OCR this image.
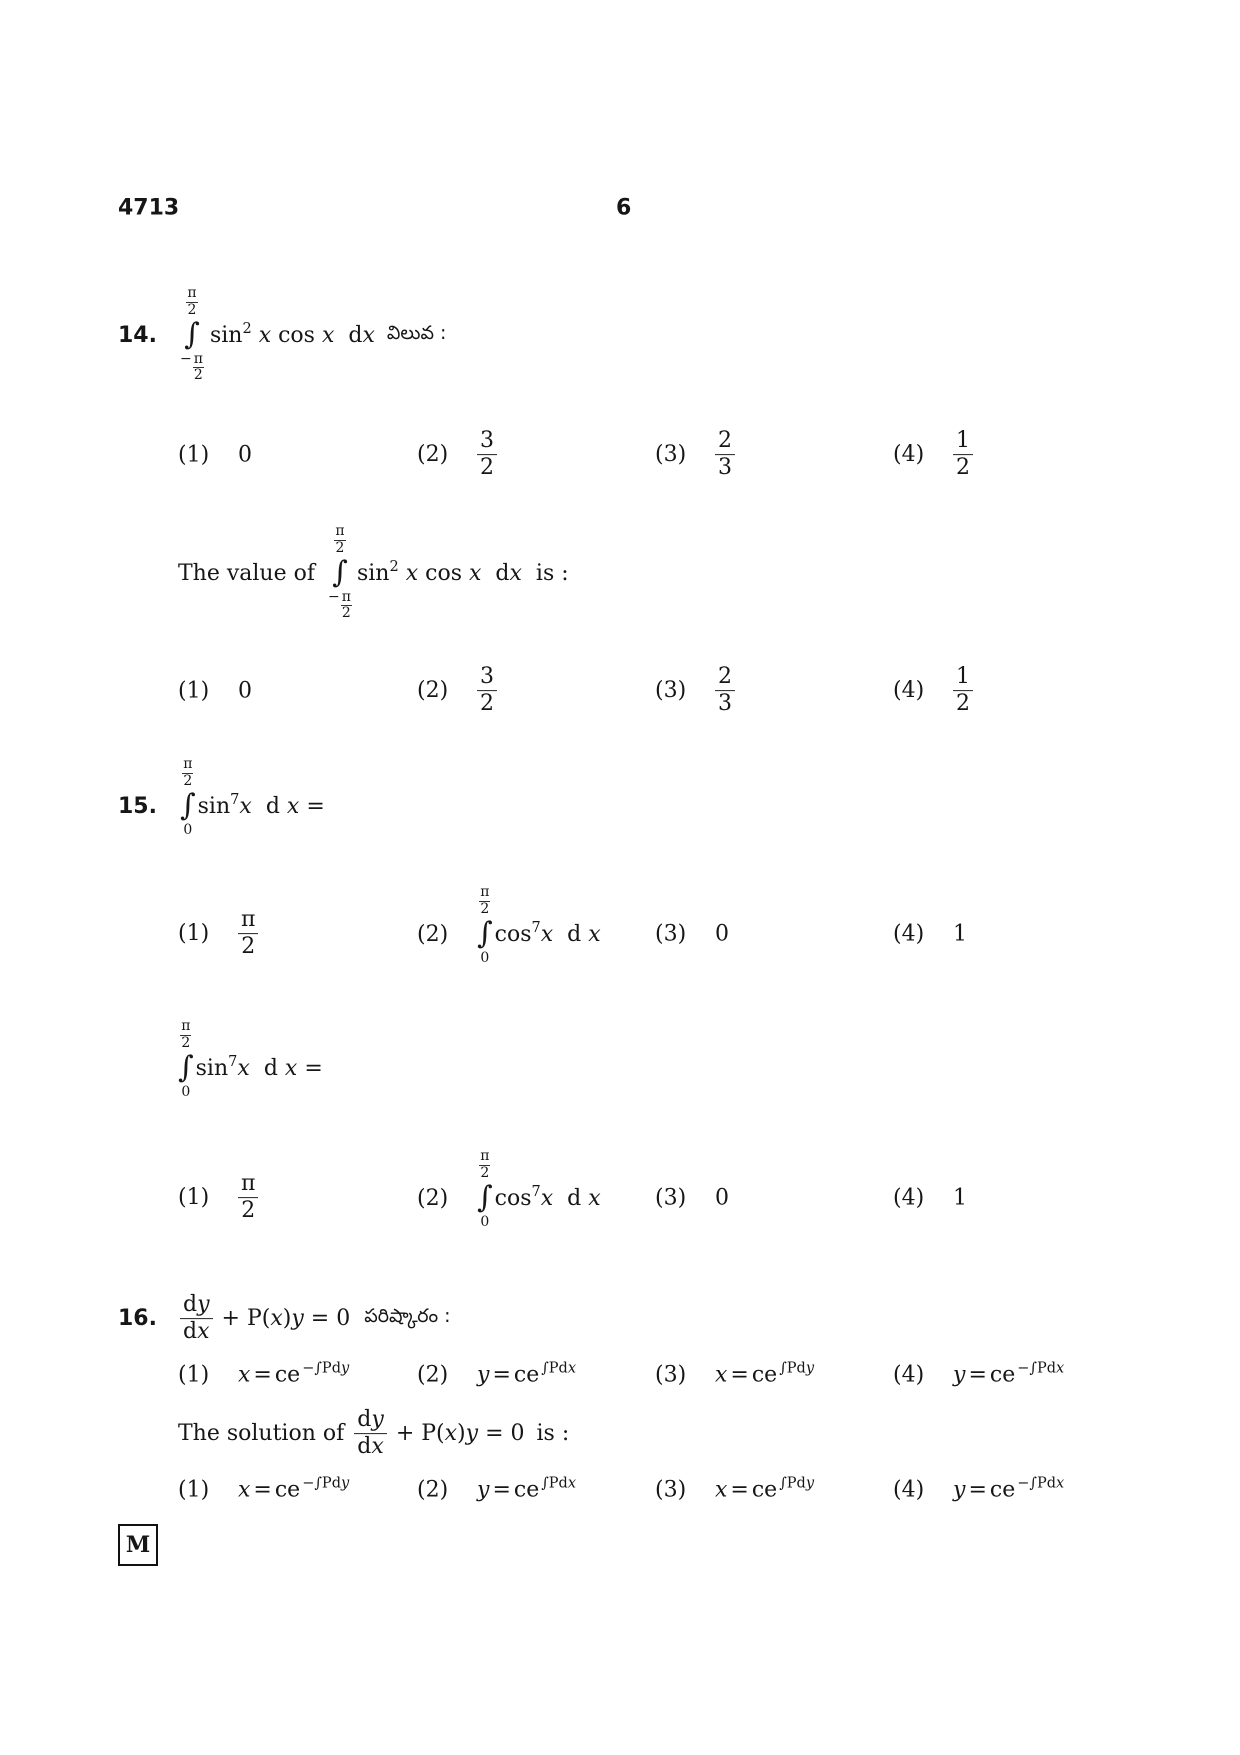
4713	6
14.
$\frac{\pi}{2}$
∫
− $\frac{\pi}{2}$
$\sin^2 x$ cos x dx విలువ :
(1)	0	(2)	$\frac{3}{2}$	(3)	$\frac{2}{3}$	(4)	$\frac{1}{2}$
The value of
$\frac{\pi}{2}$
∫
− $\frac{\pi}{2}$
$\sin^2 x$ cos x dx is :
(1)	0	(2)	$\frac{3}{2}$	(3)	$\frac{2}{3}$	(4)	$\frac{1}{2}$
15.
$\frac{\pi}{2}$
∫
0
$\sin^7x$ d x =
(1)	$\frac{\pi}{2}$	(2)
$\frac{\pi}{2}$
∫
0
$\cos^7x$ d x (3)	0	(4)	1
$\frac{\pi}{2}$
∫
0
$\sin^7x$ d x =
(1)	$\frac{\pi}{2}$	(2)
$\frac{\pi}{2}$
∫
0
$\cos^7x$ d x (3)	0	(4)	1
16.	$\frac{dy}{dx} + P(x)y = 0$ పరిష్కారం :
(1)	x = ce $^{-\int Pdy}$	(2)	y = ce $^{\int Pdx}$	(3)	x = ce $^{\int Pdy}$	(4)	y = ce $^{-\int Pdx}$
The solution of $\frac{dy}{dx} + P(x)y = 0$ is :
(1)	x = ce $^{-\int Pdy}$	(2)	y = ce $^{\int Pdx}$	(3)	x = ce $^{\int Pdy}$	(4)	y = ce $^{-\int Pdx}$
M
